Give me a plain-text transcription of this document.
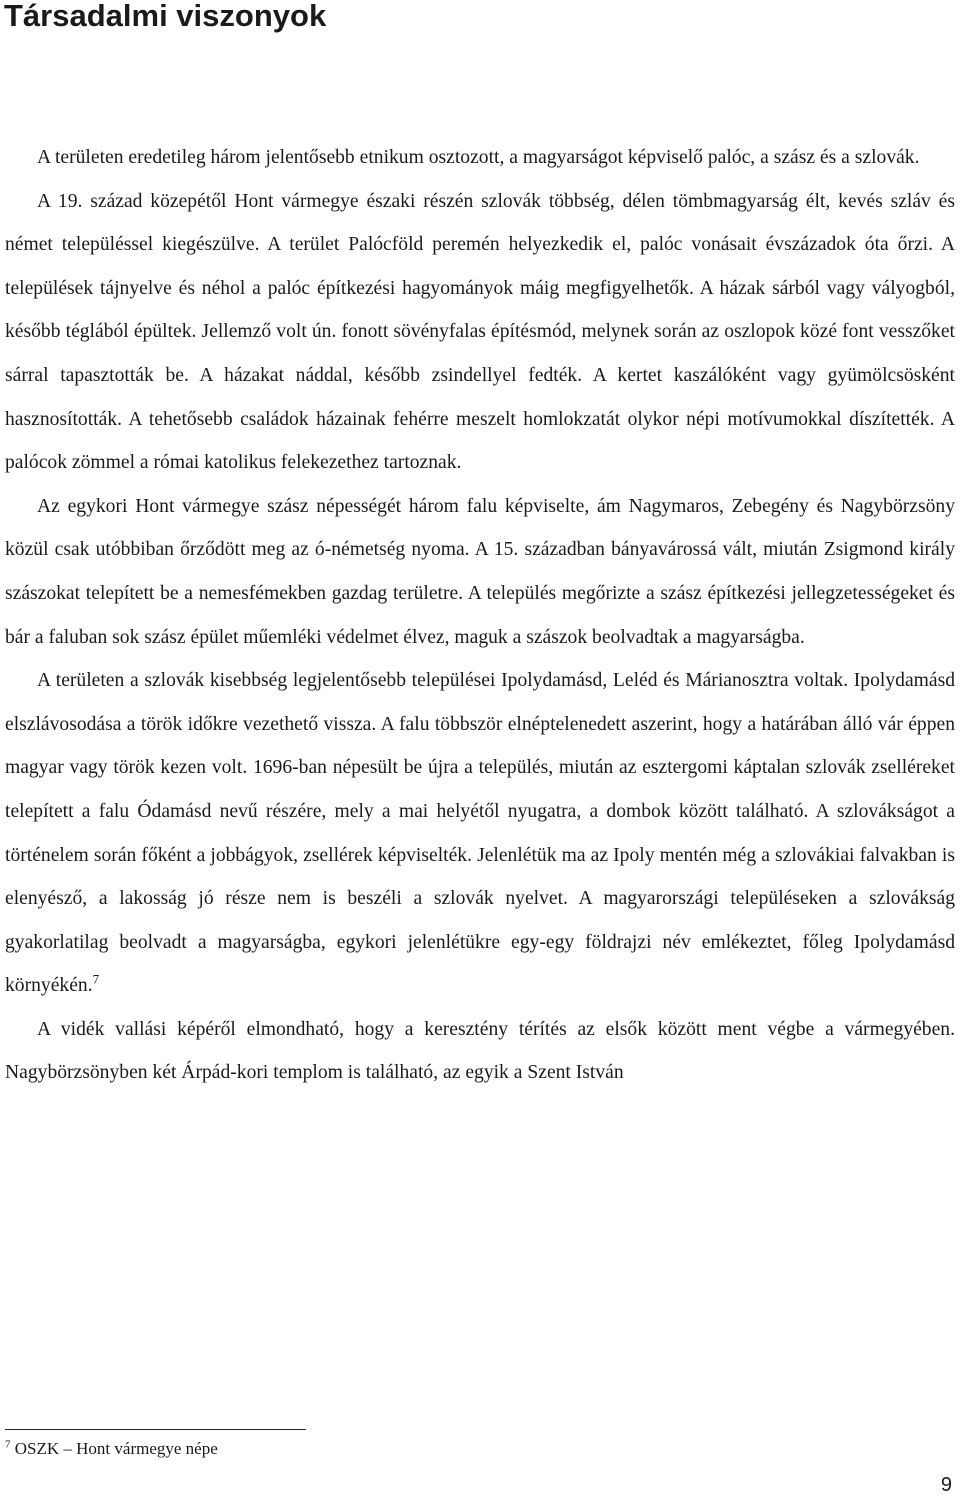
Társadalmi viszonyok

A területen eredetileg három jelentősebb etnikum osztozott, a magyarságot képviselő palóc, a szász és a szlovák.

A 19. század közepétől Hont vármegye északi részén szlovák többség, délen tömbmagyarság élt, kevés szláv és német településsel kiegészülve. A terület Palócföld peremén helyezkedik el, palóc vonásait évszázadok óta őrzi. A települések tájnyelve és néhol a palóc építkezési hagyományok máig megfigyelhetők. A házak sárból vagy vályogból, később téglából épültek. Jellemző volt ún. fonott sövényfalas építésmód, melynek során az oszlopok közé font vesszőket sárral tapasztották be. A házakat náddal, később zsindellyel fedték. A kertet kaszálóként vagy gyümölcsösként hasznosították. A tehetősebb családok házainak fehérre meszelt homlokzatát olykor népi motívumokkal díszítették. A palócok zömmel a római katolikus felekezethez tartoznak.

Az egykori Hont vármegye szász népességét három falu képviselte, ám Nagymaros, Zebegény és Nagybörzsöny közül csak utóbbiban őrződött meg az ó-németség nyoma. A 15. században bányavárossá vált, miután Zsigmond király szászokat telepített be a nemesfémekben gazdag területre. A település megőrizte a szász építkezési jellegzetességeket és bár a faluban sok szász épület műemléki védelmet élvez, maguk a szászok beolvadtak a magyarságba.

A területen a szlovák kisebbség legjelentősebb települései Ipolydamásd, Leléd és Márianosztra voltak. Ipolydamásd elszlávosodása a török időkre vezethető vissza. A falu többször elnéptelenedett aszerint, hogy a határában álló vár éppen magyar vagy török kezen volt. 1696-ban népesült be újra a település, miután az esztergomi káptalan szlovák zselléreket telepített a falu Ódamásd nevű részére, mely a mai helyétől nyugatra, a dombok között található. A szlovákságot a történelem során főként a jobbágyok, zsellérek képviselték. Jelenlétük ma az Ipoly mentén még a szlovákiai falvakban is elenyésző, a lakosság jó része nem is beszéli a szlovák nyelvet. A magyarországi településeken a szlovákság gyakorlatilag beolvadt a magyarságba, egykori jelenlétükre egy-egy földrajzi név emlékeztet, főleg Ipolydamásd környékén.$^7$

A vidék vallási képéről elmondható, hogy a keresztény térítés az elsők között ment végbe a vármegyében. Nagybörzsönyben két Árpád-kori templom is található, az egyik a Szent István

$^7$ OSZK – Hont vármegye népe
9
